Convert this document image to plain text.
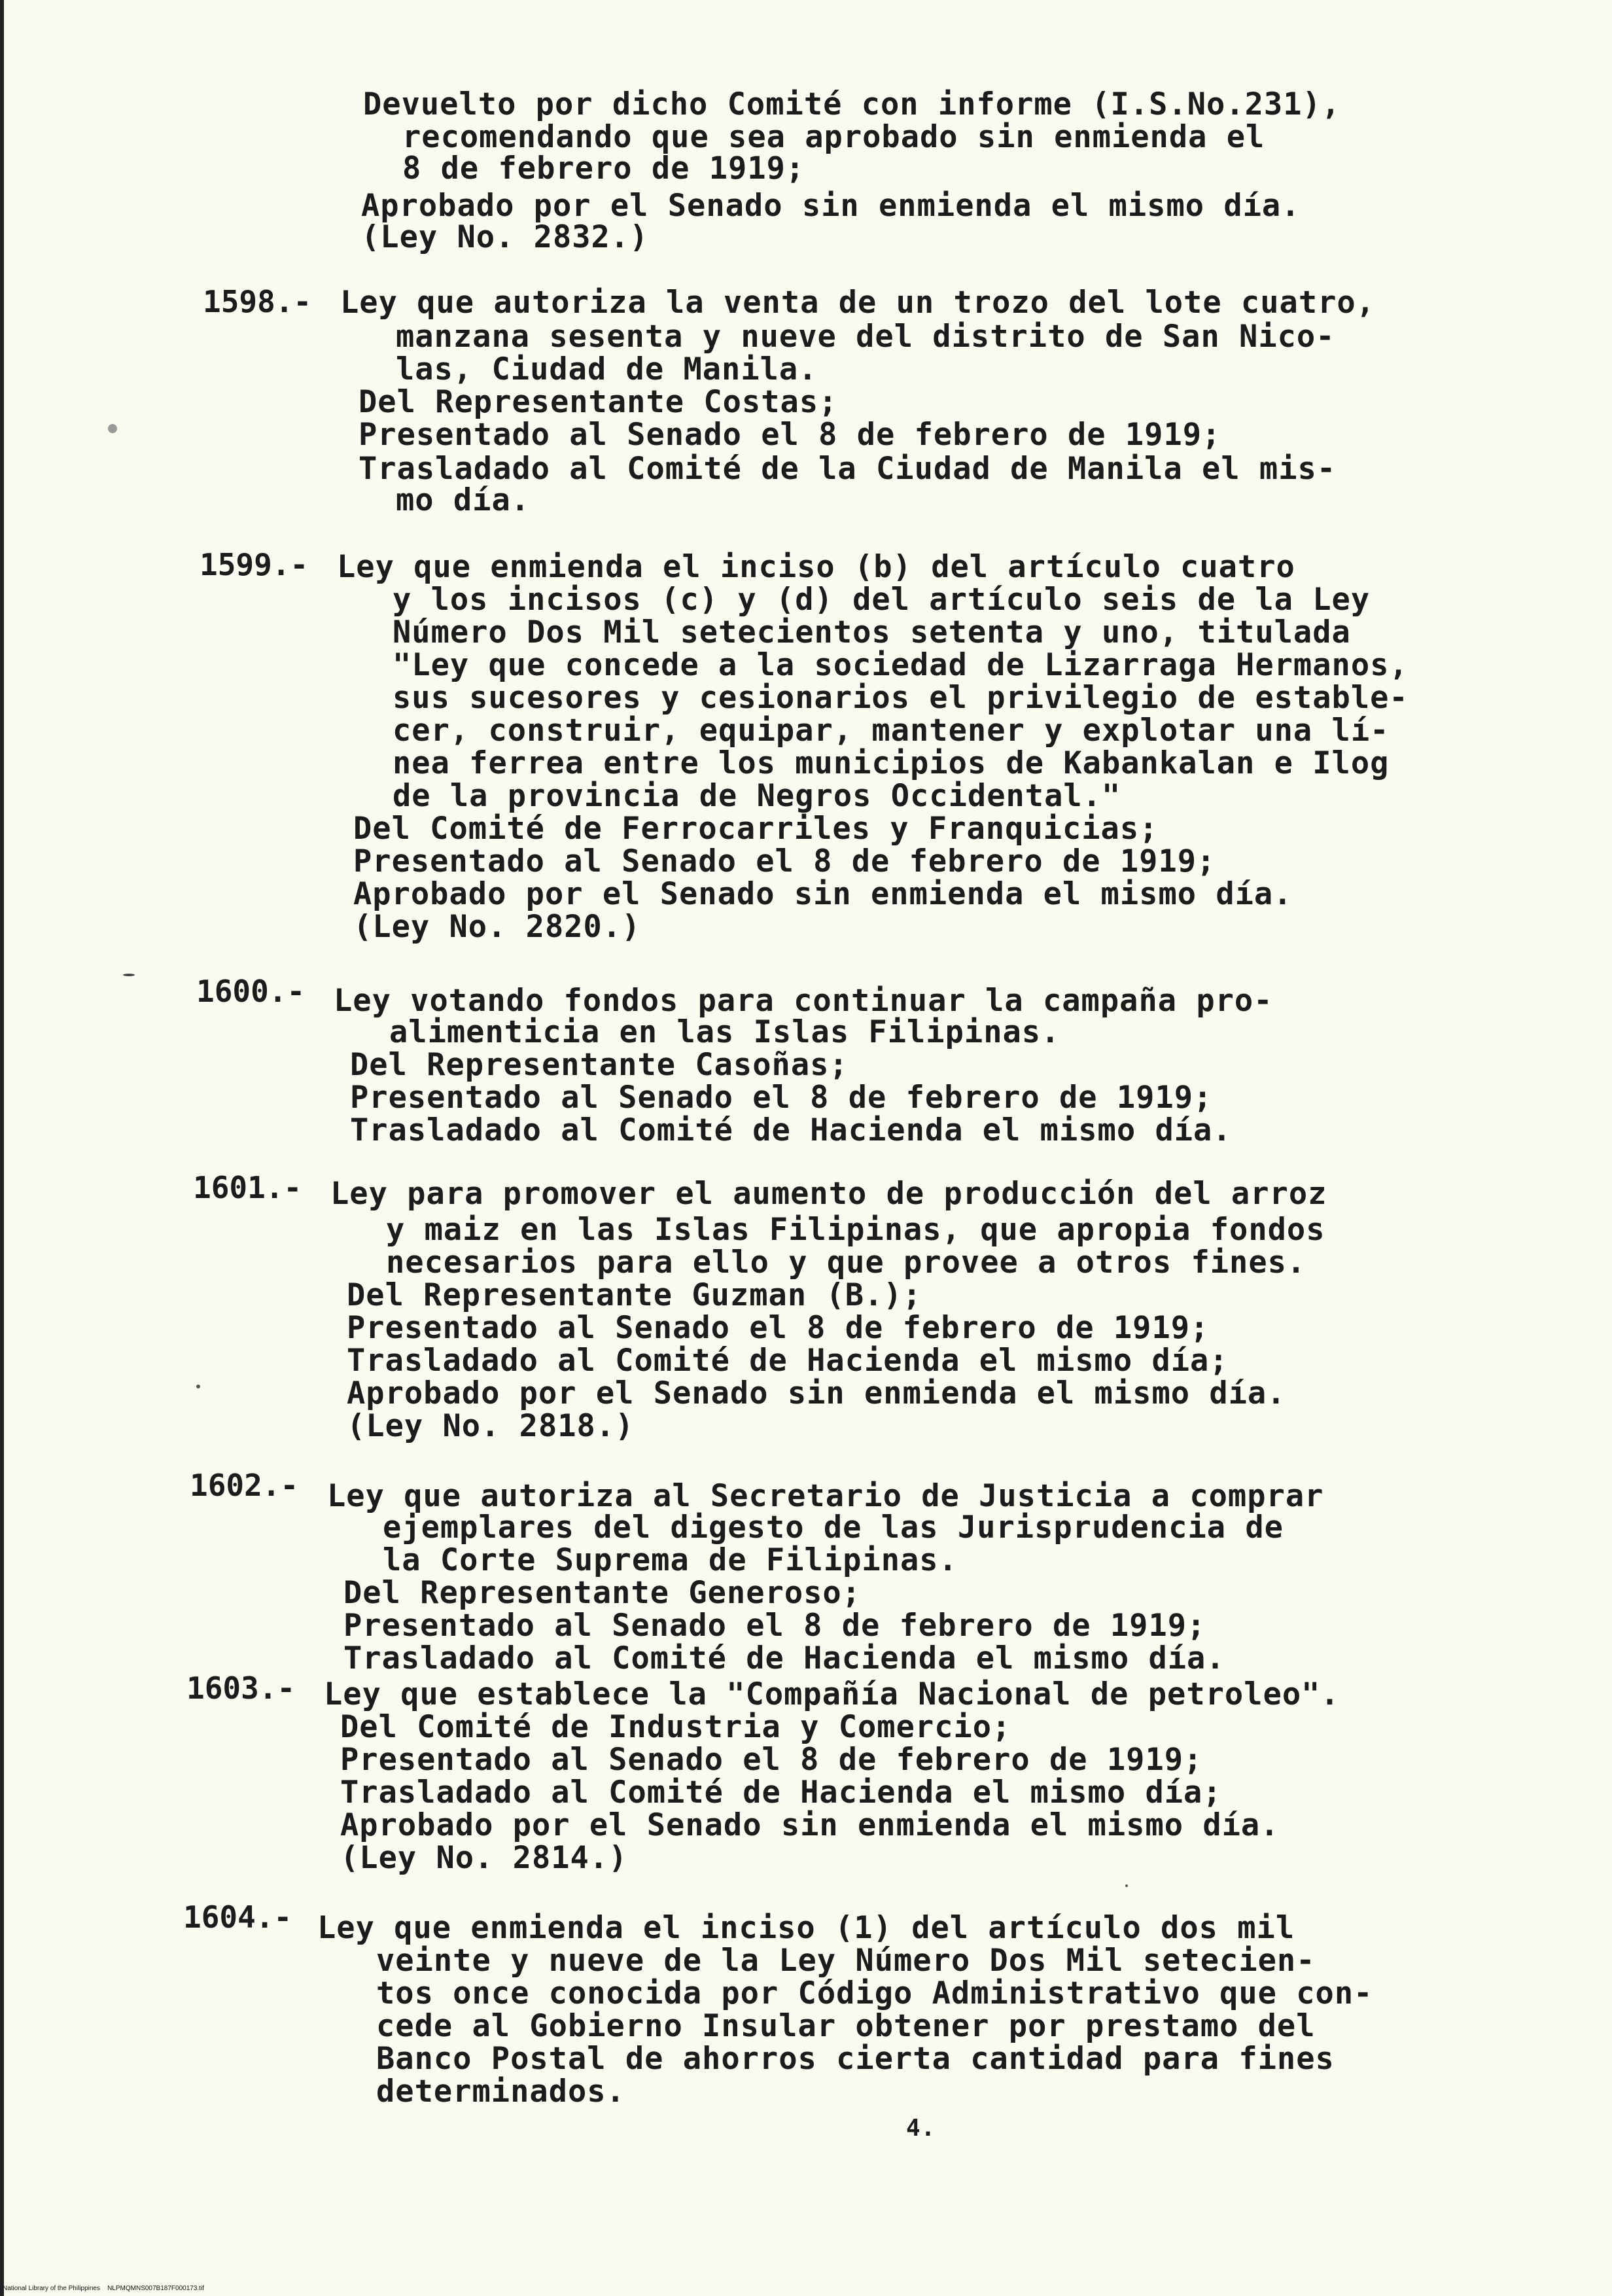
Devuelto por dicho Comité con informe (I.S.No.231),
recomendando que sea aprobado sin enmienda el
8 de febrero de 1919;
Aprobado por el Senado sin enmienda el mismo día.
(Ley No. 2832.)
1598.- Ley que autoriza la venta de un trozo del lote cuatro,
manzana sesenta y nueve del distrito de San Nico-
las, Ciudad de Manila.
Del Representante Costas;
Presentado al Senado el 8 de febrero de 1919;
Trasladado al Comité de la Ciudad de Manila el mis-
mo día.
1599.- Ley que enmienda el inciso (b) del artículo cuatro
y los incisos (c) y (d) del artículo seis de la Ley
Número Dos Mil setecientos setenta y uno, titulada
"Ley que concede a la sociedad de Lizarraga Hermanos,
sus sucesores y cesionarios el privilegio de estable-
cer, construir, equipar, mantener y explotar una lí-
nea ferrea entre los municipios de Kabankalan e Ilog
de la provincia de Negros Occidental."
Del Comité de Ferrocarriles y Franquicias;
Presentado al Senado el 8 de febrero de 1919;
Aprobado por el Senado sin enmienda el mismo día.
(Ley No. 2820.)
1600.- Ley votando fondos para continuar la campaña pro-
alimenticia en las Islas Filipinas.
Del Representante Casoñas;
Presentado al Senado el 8 de febrero de 1919;
Trasladado al Comité de Hacienda el mismo día.
1601.- Ley para promover el aumento de producción del arroz
y maiz en las Islas Filipinas, que apropia fondos
necesarios para ello y que provee a otros fines.
Del Representante Guzman (B.);
Presentado al Senado el 8 de febrero de 1919;
Trasladado al Comité de Hacienda el mismo día;
Aprobado por el Senado sin enmienda el mismo día.
(Ley No. 2818.)
1602.- Ley que autoriza al Secretario de Justicia a comprar
ejemplares del digesto de las Jurisprudencia de
la Corte Suprema de Filipinas.
Del Representante Generoso;
Presentado al Senado el 8 de febrero de 1919;
Trasladado al Comité de Hacienda el mismo día.
1603.- Ley que establece la "Compañía Nacional de petroleo".
Del Comité de Industria y Comercio;
Presentado al Senado el 8 de febrero de 1919;
Trasladado al Comité de Hacienda el mismo día;
Aprobado por el Senado sin enmienda el mismo día.
(Ley No. 2814.)
1604.- Ley que enmienda el inciso (1) del artículo dos mil
veinte y nueve de la Ley Número Dos Mil setecien-
tos once conocida por Código Administrativo que con-
cede al Gobierno Insular obtener por prestamo del
Banco Postal de ahorros cierta cantidad para fines
determinados.
4.
National Library of the Philippines    NLPMQMNS007B187F000173.tif
